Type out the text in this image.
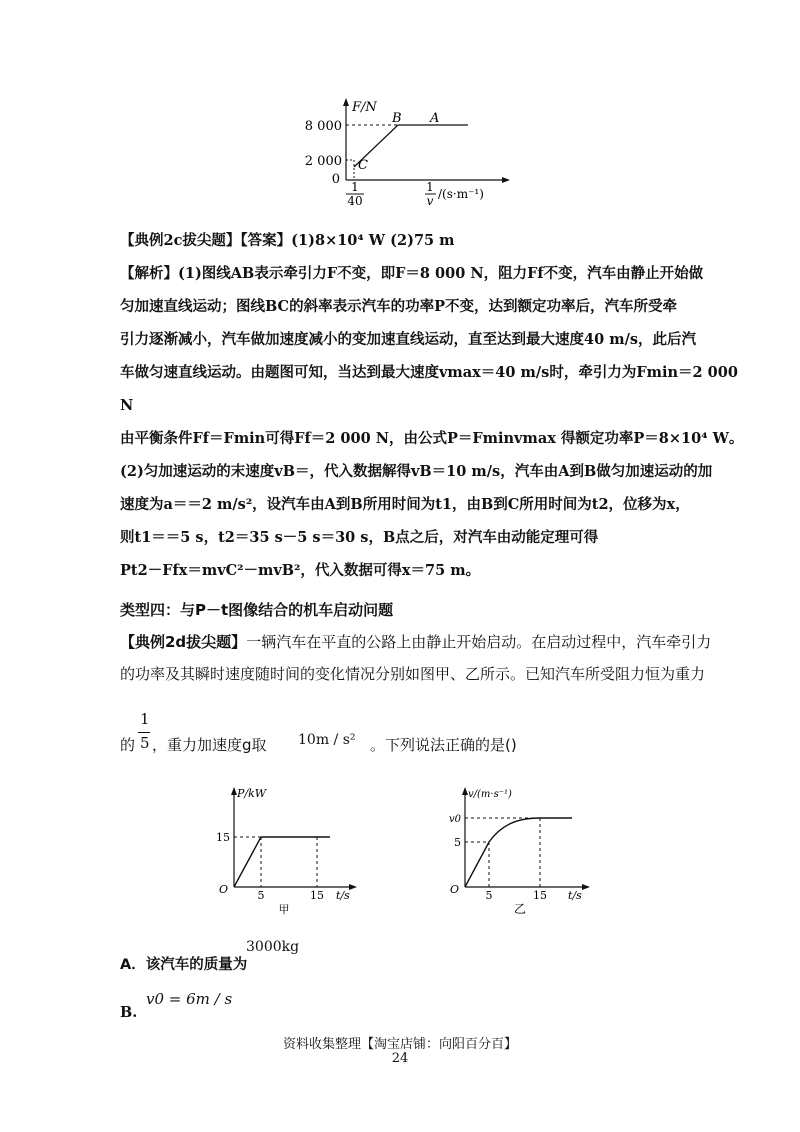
F/N
8 000
2 000
0
B A
C
1
40
1
v /(s·m⁻¹)
【典例2c拔尖题】【答案】(1)8×10⁴ W (2)75 m
【解析】(1)图线AB表示牵引力F不变，即F＝8 000 N，阻力Ff不变，汽车由静止开始做
匀加速直线运动；图线BC的斜率表示汽车的功率P不变，达到额定功率后，汽车所受牵
引力逐渐减小，汽车做加速度减小的变加速直线运动，直至达到最大速度40 m/s，此后汽
车做匀速直线运动。由题图可知，当达到最大速度vmax＝40 m/s时，牵引力为Fmin＝2 000
N
由平衡条件Ff＝Fmin可得Ff＝2 000 N，由公式P＝Fminvmax 得额定功率P＝8×10⁴ W。
(2)匀加速运动的末速度vB＝，代入数据解得vB＝10 m/s，汽车由A到B做匀加速运动的加
速度为a＝＝2 m/s²，设汽车由A到B所用时间为t1，由B到C所用时间为t2，位移为x，
则t1＝＝5 s，t2＝35 s－5 s＝30 s，B点之后，对汽车由动能定理可得
Pt2－Ffx＝mvC²－mvB²，代入数据可得x＝75 m。
类型四：与P－t图像结合的机车启动问题
【典例2d拔尖题】一辆汽车在平直的公路上由静止开始启动。在启动过程中，汽车牵引力
的功率及其瞬时速度随时间的变化情况分别如图甲、乙所示。已知汽车所受阻力恒为重力
的
1
5 ，重力加速度g取 10m / s² 。下列说法正确的是()
P/kW
15
O	5	15 t/s
甲
v/(m·s⁻¹)
v0
5
O 5	15 t/s
乙
A．该汽车的质量为
3000kg
B.
v0 = 6m / s
资料收集整理【淘宝店铺：向阳百分百】
24
